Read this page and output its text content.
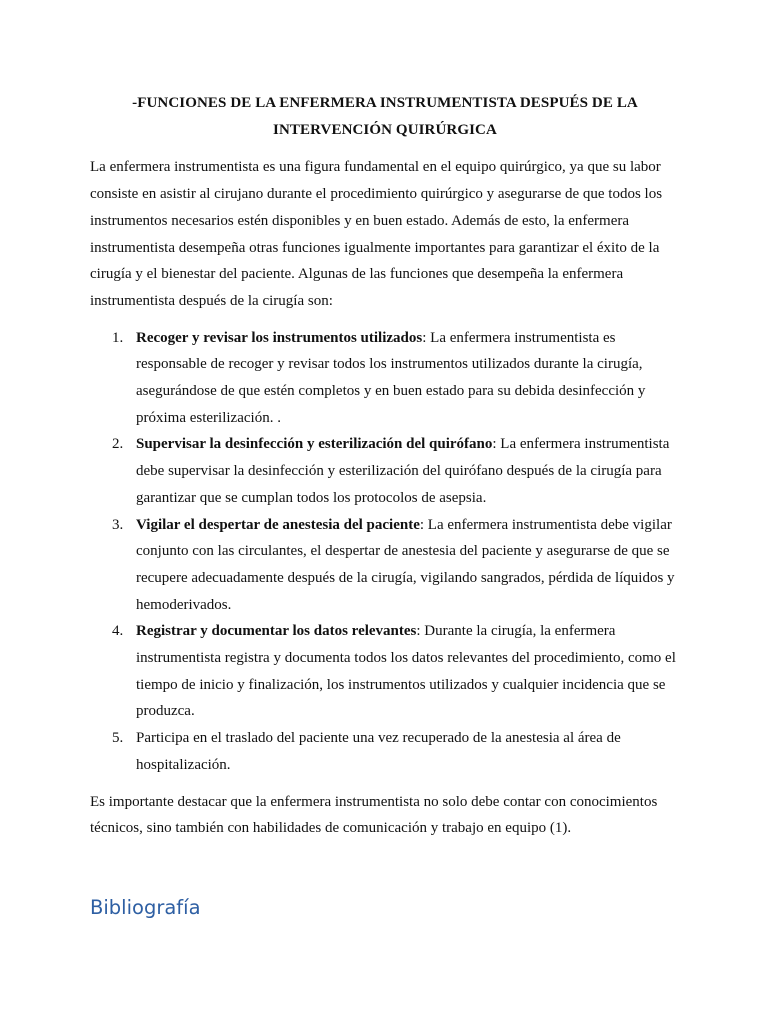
-FUNCIONES DE LA ENFERMERA INSTRUMENTISTA DESPUÉS DE LA
INTERVENCIÓN QUIRÚRGICA

La enfermera instrumentista es una figura fundamental en el equipo quirúrgico, ya que su labor consiste en asistir al cirujano durante el procedimiento quirúrgico y asegurarse de que todos los instrumentos necesarios estén disponibles y en buen estado. Además de esto, la enfermera instrumentista desempeña otras funciones igualmente importantes para garantizar el éxito de la cirugía y el bienestar del paciente. Algunas de las funciones que desempeña la enfermera instrumentista después de la cirugía son:

1. Recoger y revisar los instrumentos utilizados: La enfermera instrumentista es responsable de recoger y revisar todos los instrumentos utilizados durante la cirugía, asegurándose de que estén completos y en buen estado para su debida desinfección y próxima esterilización. .
2. Supervisar la desinfección y esterilización del quirófano: La enfermera instrumentista debe supervisar la desinfección y esterilización del quirófano después de la cirugía para garantizar que se cumplan todos los protocolos de asepsia.
3. Vigilar el despertar de anestesia del paciente: La enfermera instrumentista debe vigilar conjunto con las circulantes, el despertar de anestesia del paciente y asegurarse de que se recupere adecuadamente después de la cirugía, vigilando sangrados, pérdida de líquidos y hemoderivados.
4. Registrar y documentar los datos relevantes: Durante la cirugía, la enfermera instrumentista registra y documenta todos los datos relevantes del procedimiento, como el tiempo de inicio y finalización, los instrumentos utilizados y cualquier incidencia que se produzca.
5. Participa en el traslado del paciente una vez recuperado de la anestesia al área de hospitalización.

Es importante destacar que la enfermera instrumentista no solo debe contar con conocimientos técnicos, sino también con habilidades de comunicación y trabajo en equipo (1).

Bibliografía
